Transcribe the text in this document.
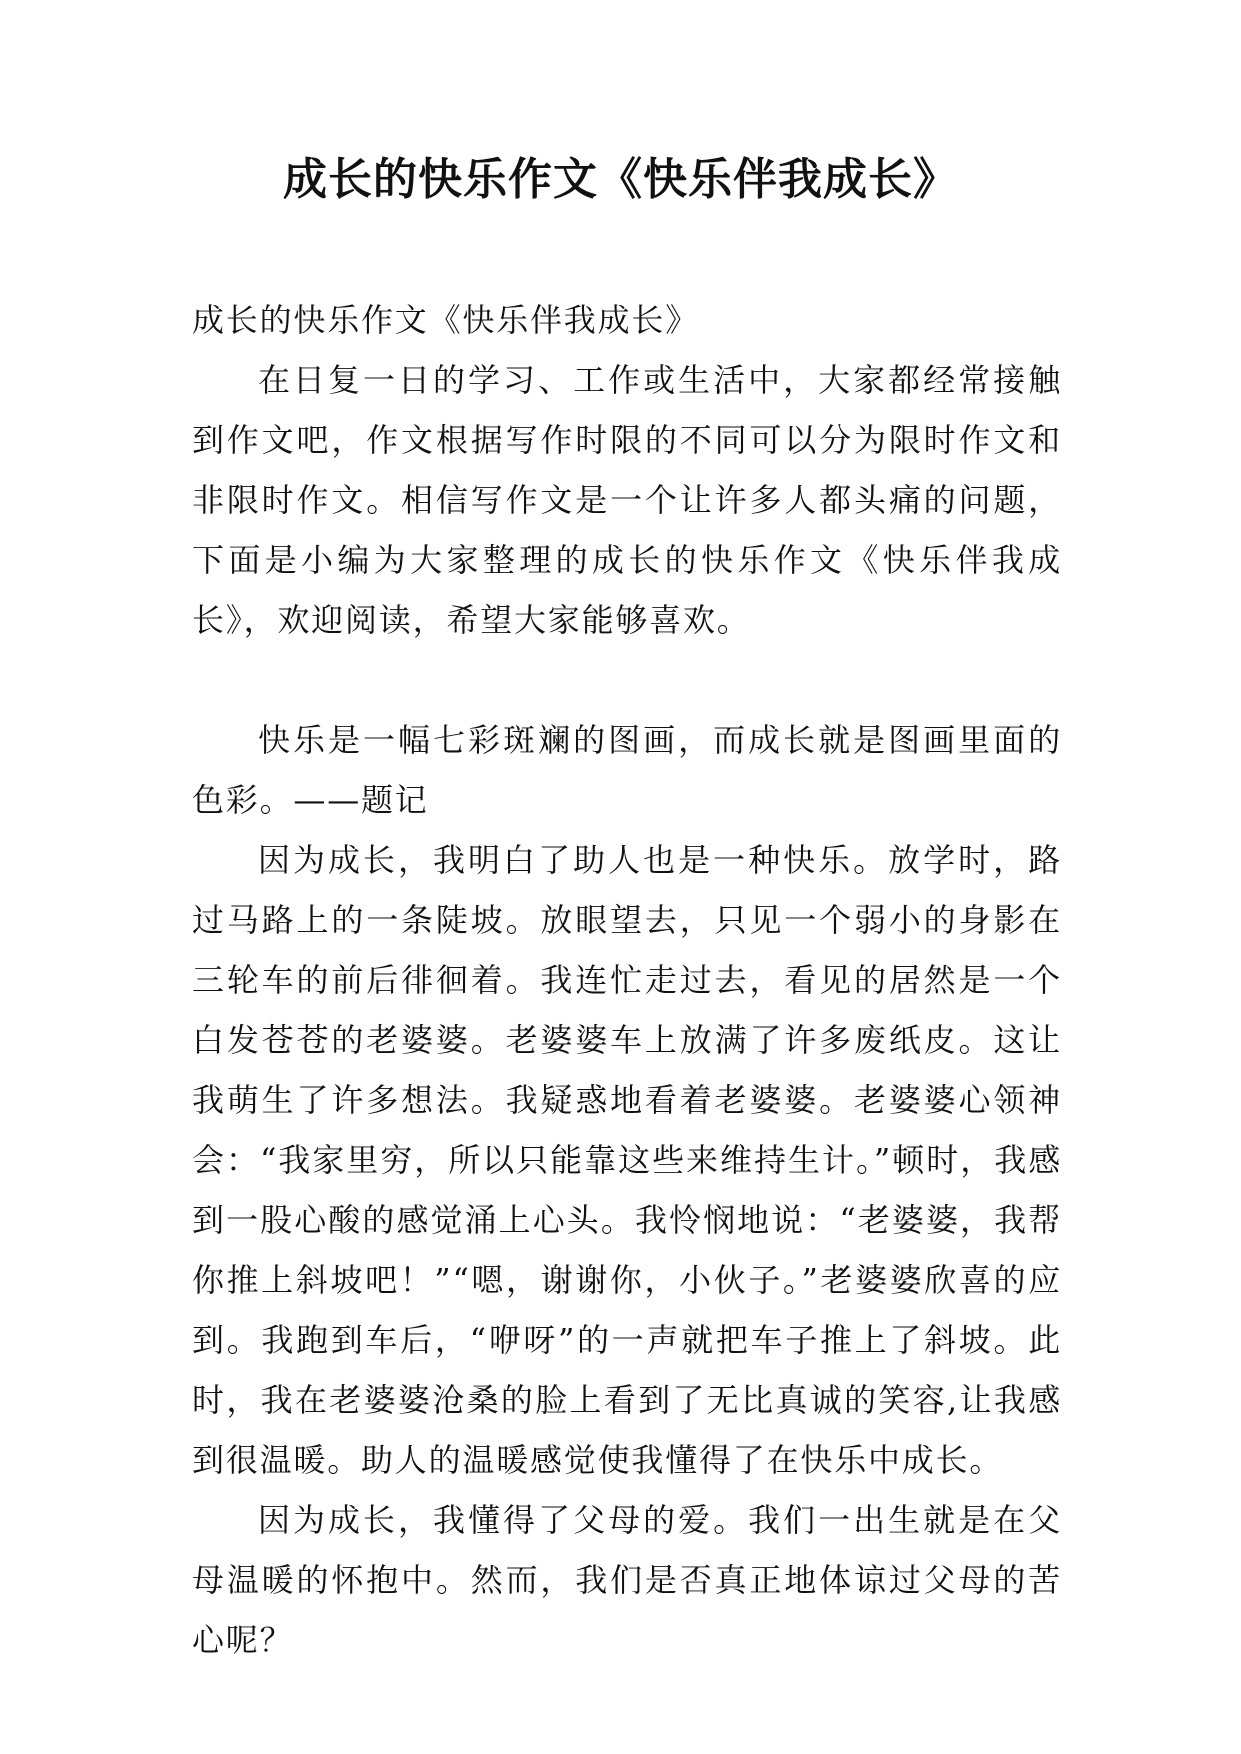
成长的快乐作文《快乐伴我成长》

成长的快乐作文《快乐伴我成长》

在日复一日的学习、工作或生活中，大家都经常接触到作文吧，作文根据写作时限的不同可以分为限时作文和非限时作文。相信写作文是一个让许多人都头痛的问题，下面是小编为大家整理的成长的快乐作文《快乐伴我成长》，欢迎阅读，希望大家能够喜欢。

快乐是一幅七彩斑斓的图画，而成长就是图画里面的色彩。——题记

因为成长，我明白了助人也是一种快乐。放学时，路过马路上的一条陡坡。放眼望去，只见一个弱小的身影在三轮车的前后徘徊着。我连忙走过去，看见的居然是一个白发苍苍的老婆婆。老婆婆车上放满了许多废纸皮。这让我萌生了许多想法。我疑惑地看着老婆婆。老婆婆心领神会：“我家里穷，所以只能靠这些来维持生计。”顿时，我感到一股心酸的感觉涌上心头。我怜悯地说：“老婆婆，我帮你推上斜坡吧！”“嗯，谢谢你，小伙子。”老婆婆欣喜的应到。我跑到车后，“咿呀”的一声就把车子推上了斜坡。此时，我在老婆婆沧桑的脸上看到了无比真诚的笑容,让我感到很温暖。助人的温暖感觉使我懂得了在快乐中成长。

因为成长，我懂得了父母的爱。我们一出生就是在父母温暖的怀抱中。然而，我们是否真正地体谅过父母的苦心呢？
